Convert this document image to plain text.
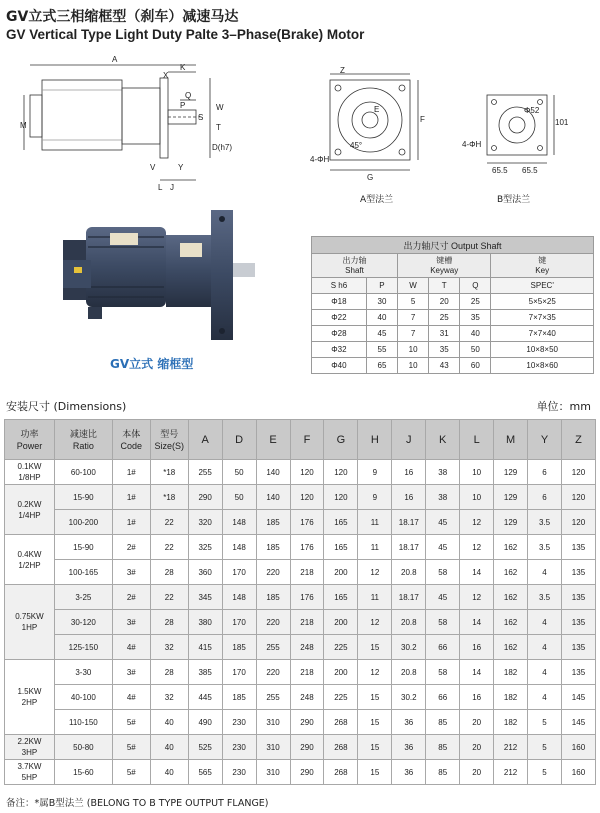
GV立式三相缩框型（刹车）减速马达
GV Vertical Type Light Duty Palte 3–Phase(Brake) Motor
A
K
X
Q
P
S
W
T
V	Y
L J
M
D(h7)
Z
E
F
G
45°
4-ΦH
A型法兰
4-ΦH
101
Φ52
65.5 65.5
B型法兰
GV立式 缩框型
出力轴尺寸 Output Shaft					
出力轴
Shaft		键槽
Keyway			键
Key
S h6	P	W	T	Q	SPEC'
Φ18	30	5	20	25	5×5×25
Φ22	40	7	25	35	7×7×35
Φ28	45	7	31	40	7×7×40
Φ32	55	10	35	50	10×8×50
Φ40	65	10	43	60	10×8×60
安装尺寸 (Dimensions)	单位：mm
功率
Power	减速比
Ratio	本体
Code	型号
Size(S)	A	D	E	F	G	H	J	K	L	M	Y	Z
0.1KW
1/8HP	60-100	1#	*18	255	50	140	120	120	9	16	38	10	129	6	120
0.2KW
1/4HP	15-90	1#	*18	290	50	140	120	120	9	16	38	10	129	6	120
	100-200	1#	22	320	148	185	176	165	11	18.17	45	12	129	3.5	120
0.4KW
1/2HP	15-90	2#	22	325	148	185	176	165	11	18.17	45	12	162	3.5	135
	100-165	3#	28	360	170	220	218	200	12	20.8	58	14	162	4	135
0.75KW
1HP	3-25	2#	22	345	148	185	176	165	11	18.17	45	12	162	3.5	135
	30-120	3#	28	380	170	220	218	200	12	20.8	58	14	162	4	135
	125-150	4#	32	415	185	255	248	225	15	30.2	66	16	162	4	135
1.5KW
2HP	3-30	3#	28	385	170	220	218	200	12	20.8	58	14	182	4	135
	40-100	4#	32	445	185	255	248	225	15	30.2	66	16	182	4	145
	110-150	5#	40	490	230	310	290	268	15	36	85	20	182	5	145
2.2KW
3HP	50-80	5#	40	525	230	310	290	268	15	36	85	20	212	5	160
3.7KW
5HP	15-60	5#	40	565	230	310	290	268	15	36	85	20	212	5	160
备注：*属B型法兰 (BELONG TO B TYPE OUTPUT FLANGE)
